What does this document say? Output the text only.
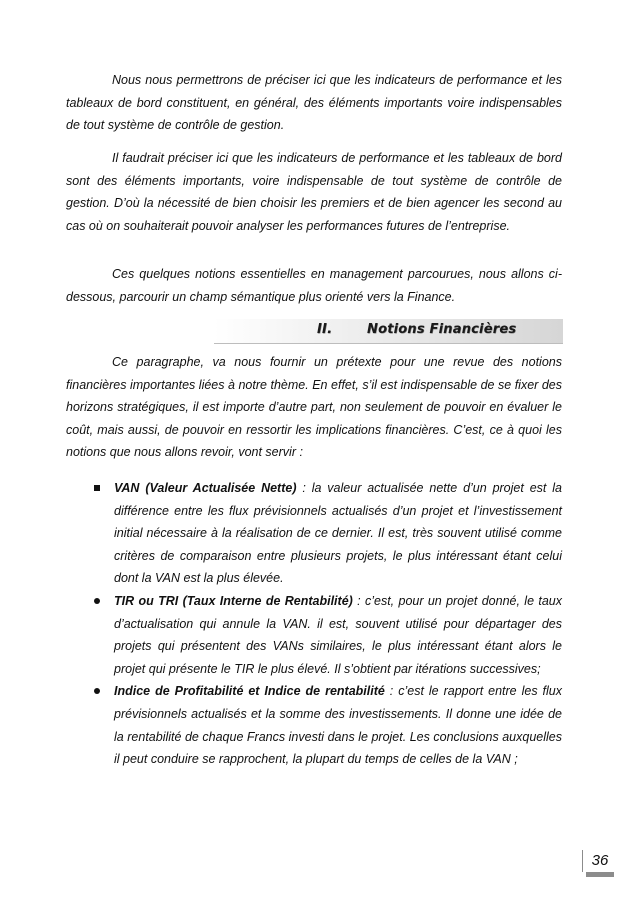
Nous nous permettrons de préciser ici que les indicateurs de performance et les tableaux de bord constituent, en général, des éléments importants voire indispensables de tout système de contrôle de gestion.

Il faudrait préciser ici que les indicateurs de performance et les tableaux de bord sont des éléments importants, voire indispensable de tout système de contrôle de gestion. D’où la nécessité de bien choisir les premiers et de bien agencer les second au cas où on souhaiterait pouvoir analyser les performances futures de l’entreprise.

Ces quelques notions essentielles en management parcourues, nous allons ci-dessous, parcourir un champ sémantique plus orienté vers la Finance.

II.	Notions Financières

Ce paragraphe, va nous fournir un prétexte pour une revue des notions financières importantes liées à notre thème. En effet, s’il est indispensable de se fixer des horizons stratégiques, il est importe d’autre part, non seulement de pouvoir en évaluer le coût, mais aussi, de pouvoir en ressortir les implications financières. C’est, ce à quoi les notions que nous allons revoir, vont servir :

VAN (Valeur Actualisée Nette) : la valeur actualisée nette d’un projet est la différence entre les flux prévisionnels actualisés d’un projet et l’investissement initial nécessaire à la réalisation de ce dernier. Il est, très souvent utilisé comme critères de comparaison entre plusieurs projets, le plus intéressant étant celui dont la VAN est la plus élevée.

TIR ou TRI (Taux Interne de Rentabilité) : c’est, pour un projet donné, le taux d’actualisation qui annule la VAN. il est, souvent utilisé pour départager des projets qui présentent des VANs similaires, le plus intéressant étant alors le projet qui présente le TIR le plus élevé. Il s’obtient par itérations successives;

Indice de Profitabilité et Indice de rentabilité : c’est le rapport entre les flux prévisionnels actualisés et la somme des investissements. Il donne une idée de la rentabilité de chaque Francs investi dans le projet. Les conclusions auxquelles il peut conduire se rapprochent, la plupart du temps de celles de la VAN ;

36
